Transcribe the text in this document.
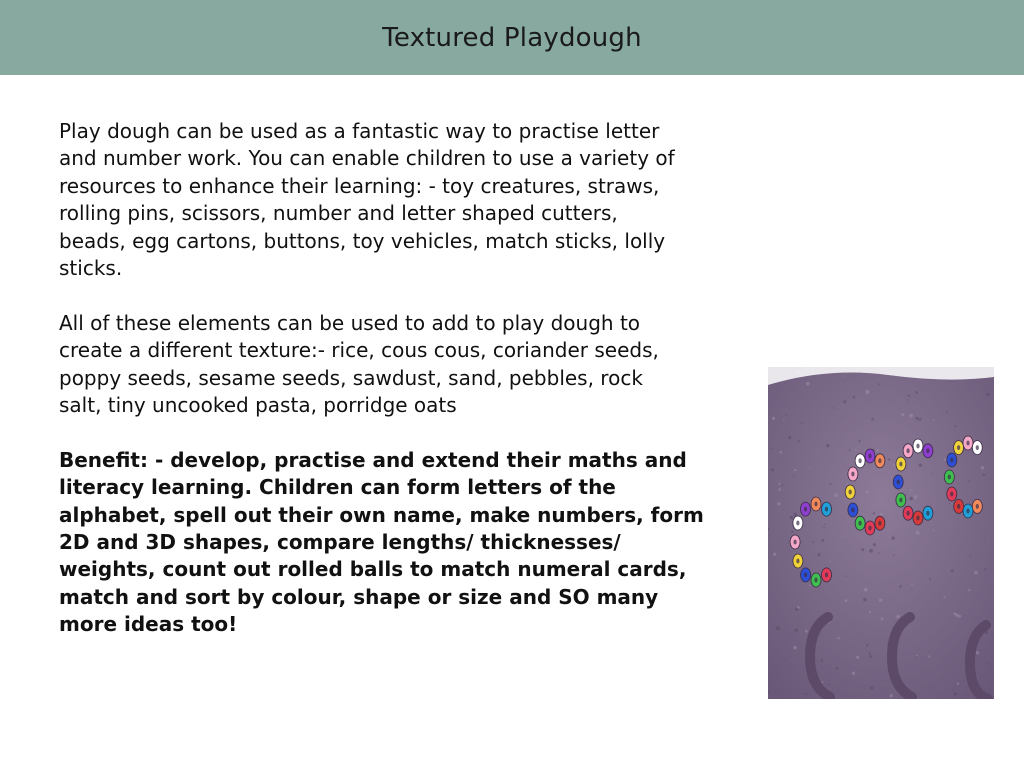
Textured Playdough

Play dough can be used as a fantastic way to practise letter
and number work. You can enable children to use a variety of
resources to enhance their learning: - toy creatures, straws,
rolling pins, scissors, number and letter shaped cutters,
beads, egg cartons, buttons, toy vehicles, match sticks, lolly
sticks.

All of these elements can be used to add to play dough to
create a different texture:- rice, cous cous, coriander seeds,
poppy seeds, sesame seeds, sawdust, sand, pebbles, rock
salt, tiny uncooked pasta, porridge oats

Benefit: - develop, practise and extend their maths and
literacy learning. Children can form letters of the
alphabet, spell out their own name, make numbers, form
2D and 3D shapes, compare lengths/ thicknesses/
weights, count out rolled balls to match numeral cards,
match and sort by colour, shape or size and SO many
more ideas too!
